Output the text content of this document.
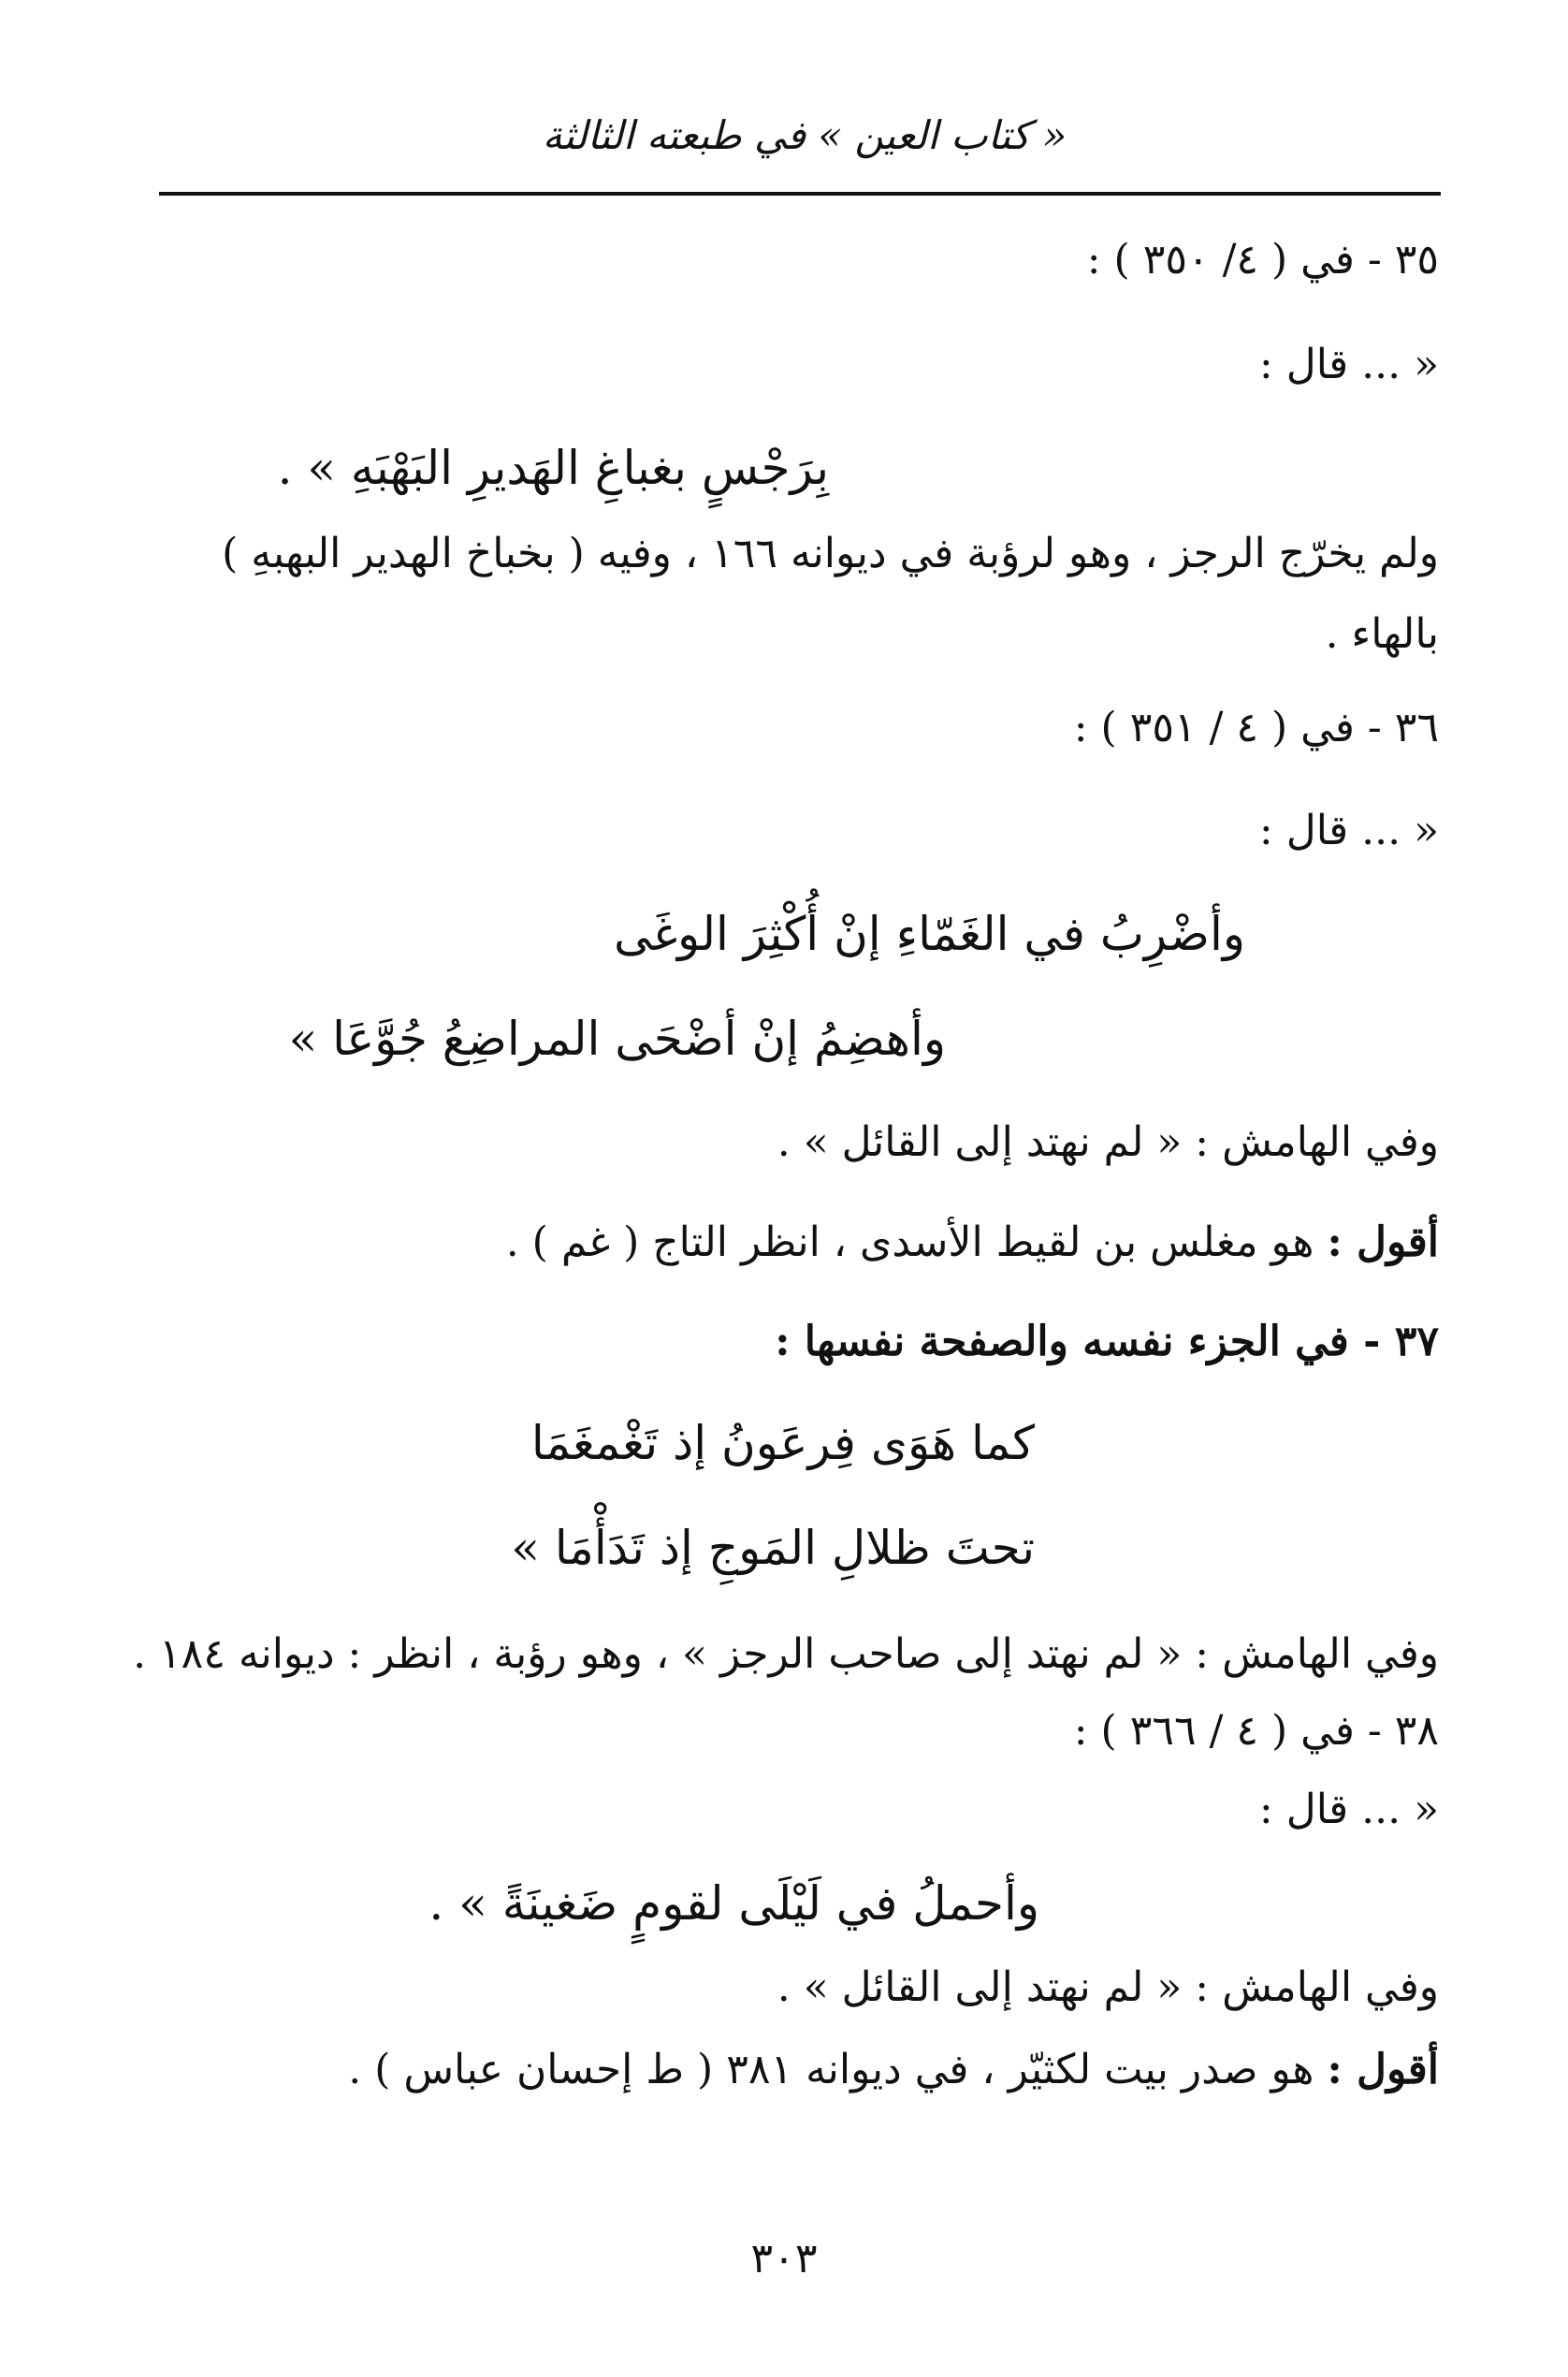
« كتاب العين » في طبعته الثالثة
٣٥ - في ( ٤/ ٣٥٠ ) :
« ... قال :
بِرَجْسٍ بغباغِ الهَديرِ البَهْبَهِ » .
ولم يخرّج الرجز ، وهو لرؤبة في ديوانه ١٦٦ ، وفيه ( بخباخ الهدير البهبهِ )
بالهاء .
٣٦ - في ( ٤ / ٣٥١ ) :
« ... قال :
وأضْرِبُ في الغَمّاءِ إنْ أُكْثِرَ الوغَى
وأهضِمُ إنْ أضْحَى المراضِعُ جُوَّعَا »
وفي الهامش : « لم نهتد إلى القائل » .
أقول : هو مغلس بن لقيط الأسدى ، انظر التاج ( غم ) .
٣٧ - في الجزء نفسه والصفحة نفسها :
كما هَوَى فِرعَونُ إذ تَغْمغَمَا
تحتَ ظلالِ المَوجِ إذ تَدَأْمَا »
وفي الهامش : « لم نهتد إلى صاحب الرجز » ، وهو رؤبة ، انظر : ديوانه ١٨٤ .
٣٨ - في ( ٤ / ٣٦٦ ) :
« ... قال :
وأحملُ في لَيْلَى لقومٍ ضَغينَةً » .
وفي الهامش : « لم نهتد إلى القائل » .
أقول : هو صدر بيت لكثيّر ، في ديوانه ٣٨١ ( ط إحسان عباس ) .
٣٠٣
